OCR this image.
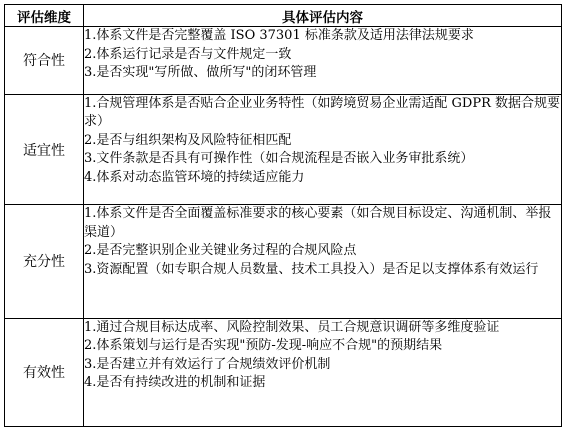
评估维度	具体评估内容
符合性	1.体系文件是否完整覆盖 ISO 37301 标准条款及适用法律法规要求
2.体系运行记录是否与文件规定一致
3.是否实现"写所做、做所写"的闭环管理

适宜性	1.合规管理体系是否贴合企业业务特性（如跨境贸易企业需适配 GDPR 数据合规要求）
2.是否与组织架构及风险特征相匹配
3.文件条款是否具有可操作性（如合规流程是否嵌入业务审批系统）
4.体系对动态监管环境的持续适应能力

充分性	1.体系文件是否全面覆盖标准要求的核心要素（如合规目标设定、沟通机制、举报渠道）
2.是否完整识别企业关键业务过程的合规风险点
3.资源配置（如专职合规人员数量、技术工具投入）是否足以支撑体系有效运行

有效性	1.通过合规目标达成率、风险控制效果、员工合规意识调研等多维度验证
2.体系策划与运行是否实现"预防-发现-响应不合规"的预期结果
3.是否建立并有效运行了合规绩效评价机制
4.是否有持续改进的机制和证据
